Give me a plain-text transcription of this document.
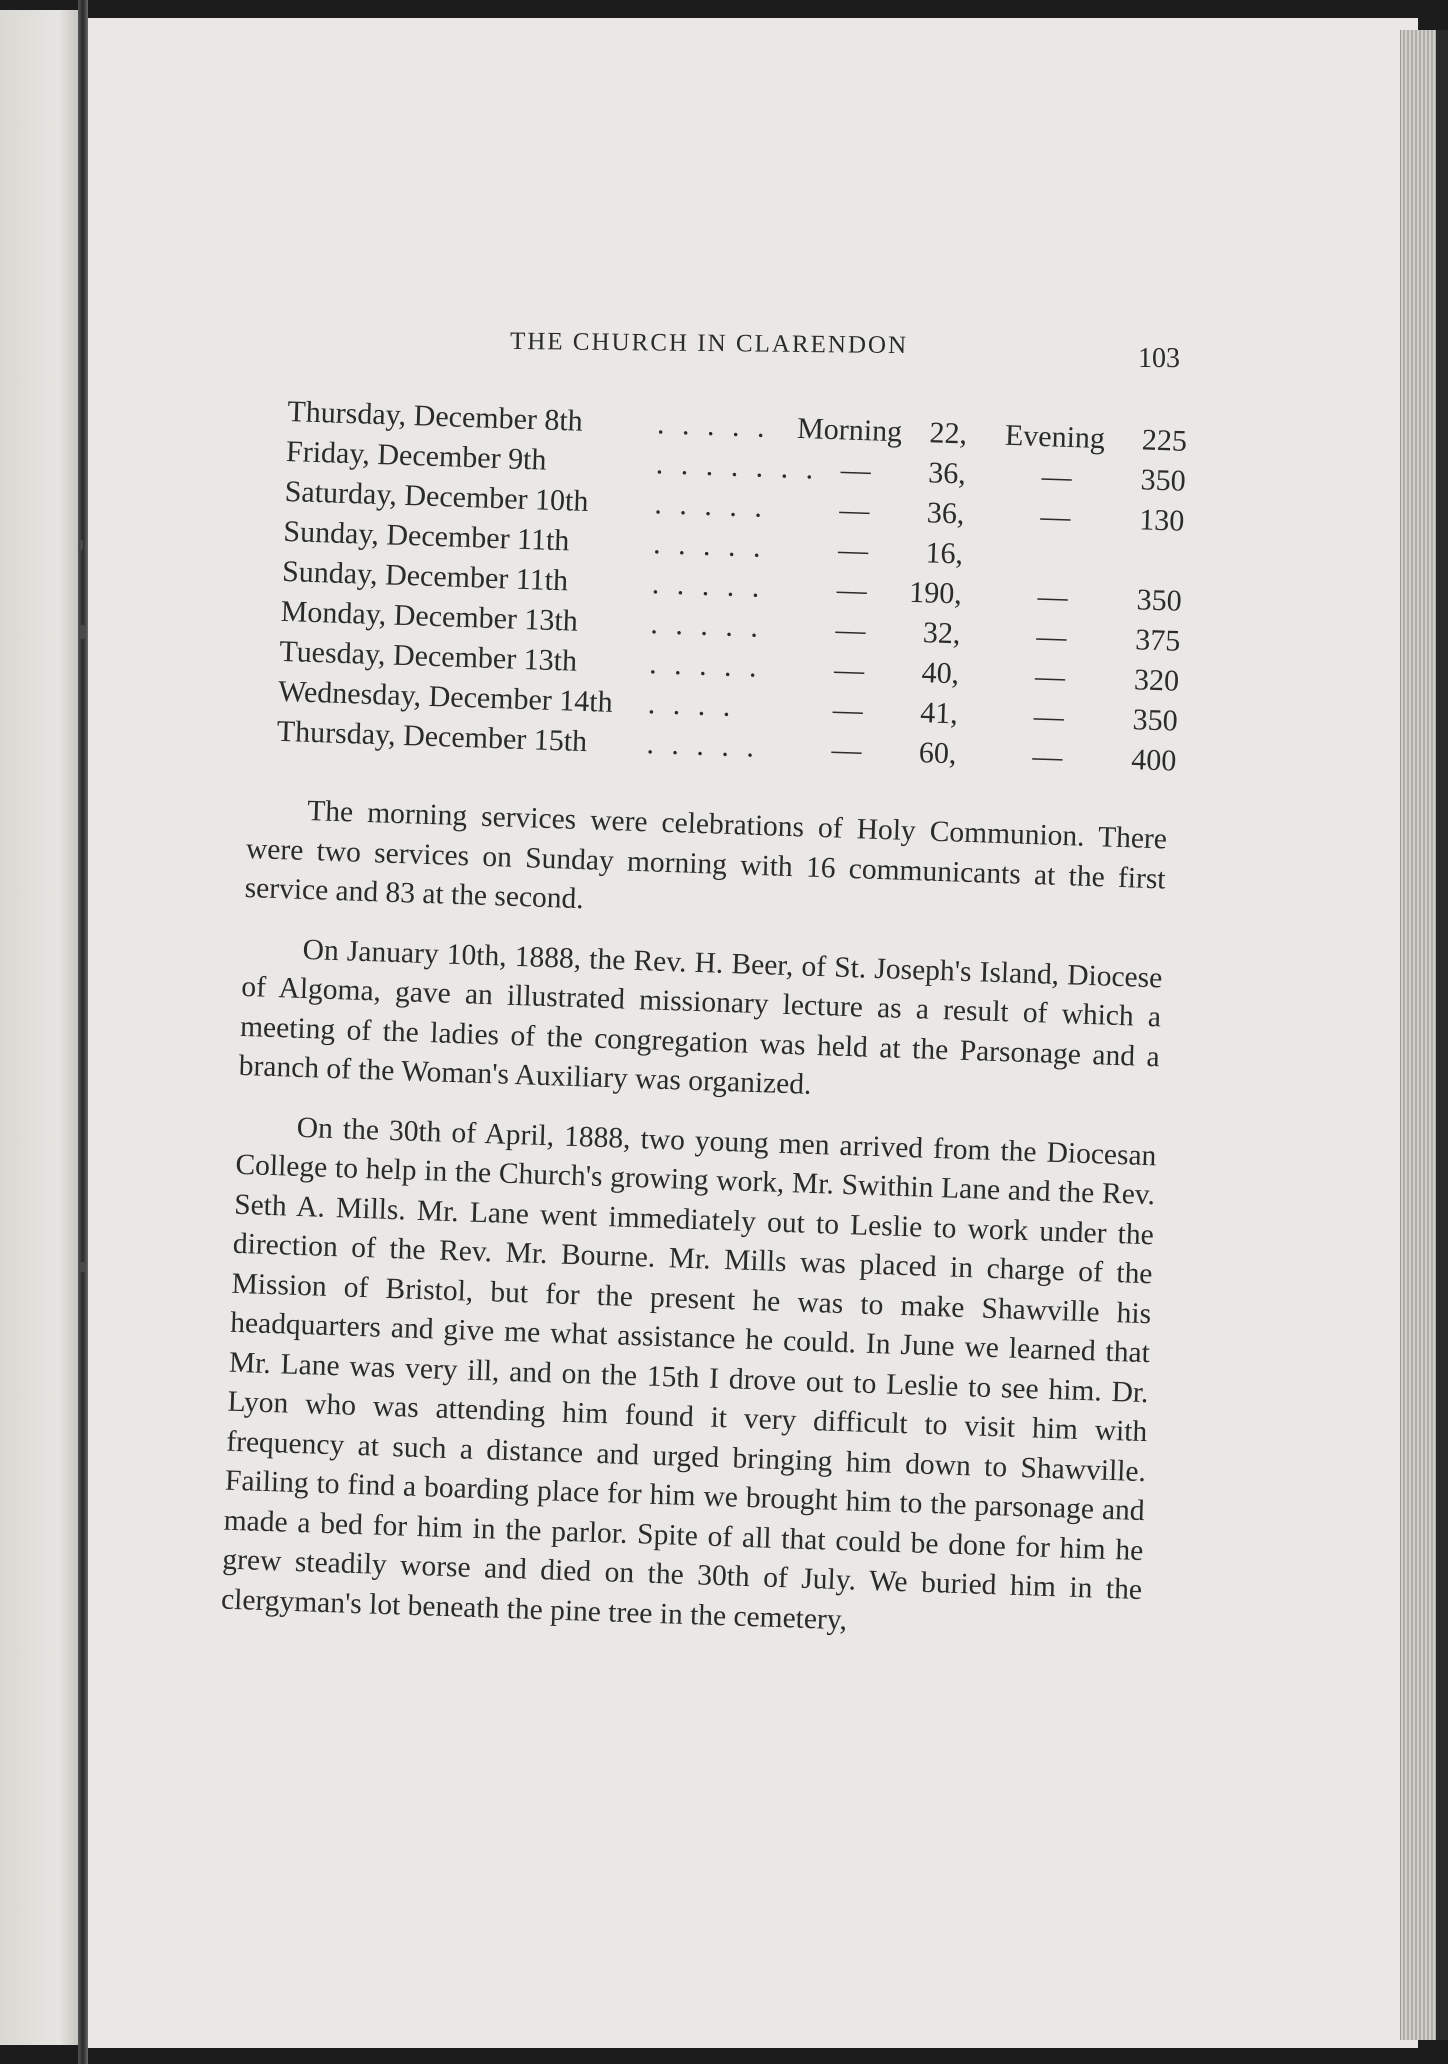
THE CHURCH IN CLARENDON	103
Thursday, December 8th . . . . . Morning 22, Evening 225
Friday, December 9th	. . . . . . . — 36, — 350
Saturday, December 10th . . . . . — 36, — 130
Sunday, December 11th	. . . . . — 16,
Sunday, December 11th	. . . . . — 190, — 350
Monday, December 13th . . . . . — 32, — 375
Tuesday, December 13th . . . . . — 40, — 320
Wednesday, December 14th . . . .	— 41, — 350
Thursday, December 15th . . . . . — 60, — 400

The morning services were celebrations of Holy Communion. There were two services on Sunday morning with 16 communicants at the first service and 83 at the second.

On January 10th, 1888, the Rev. H. Beer, of St. Joseph's Island, Diocese of Algoma, gave an illustrated missionary lecture as a result of which a meeting of the ladies of the congregation was held at the Parsonage and a branch of the Woman's Auxiliary was organized.

On the 30th of April, 1888, two young men arrived from the Diocesan College to help in the Church's growing work, Mr. Swithin Lane and the Rev. Seth A. Mills. Mr. Lane went immediately out to Leslie to work under the direction of the Rev. Mr. Bourne. Mr. Mills was placed in charge of the Mission of Bristol, but for the present he was to make Shawville his headquarters and give me what assistance he could. In June we learned that Mr. Lane was very ill, and on the 15th I drove out to Leslie to see him. Dr. Lyon who was attending him found it very difficult to visit him with frequency at such a distance and urged bringing him down to Shawville. Failing to find a boarding place for him we brought him to the parsonage and made a bed for him in the parlor. Spite of all that could be done for him he grew steadily worse and died on the 30th of July. We buried him in the clergyman's lot beneath the pine tree in the cemetery,
